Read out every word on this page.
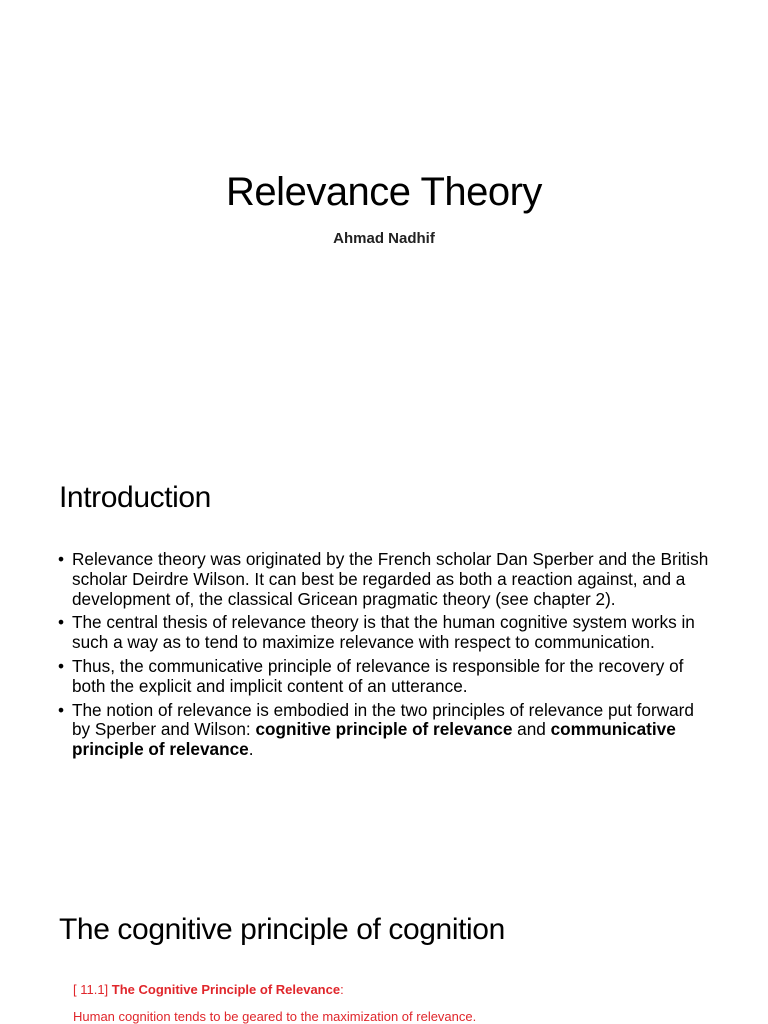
Relevance Theory
Ahmad Nadhif
Introduction
• Relevance theory was originated by the French scholar Dan Sperber and the British scholar Deirdre Wilson. It can best be regarded as both a reaction against, and a development of, the classical Gricean pragmatic theory (see chapter 2).
• The central thesis of relevance theory is that the human cognitive system works in such a way as to tend to maximize relevance with respect to communication.
• Thus, the communicative principle of relevance is responsible for the recovery of both the explicit and implicit content of an utterance.
• The notion of relevance is embodied in the two principles of relevance put forward by Sperber and Wilson: cognitive principle of relevance and communicative principle of relevance.
The cognitive principle of cognition
[ 11.1] The Cognitive Principle of Relevance:
Human cognition tends to be geared to the maximization of relevance.
